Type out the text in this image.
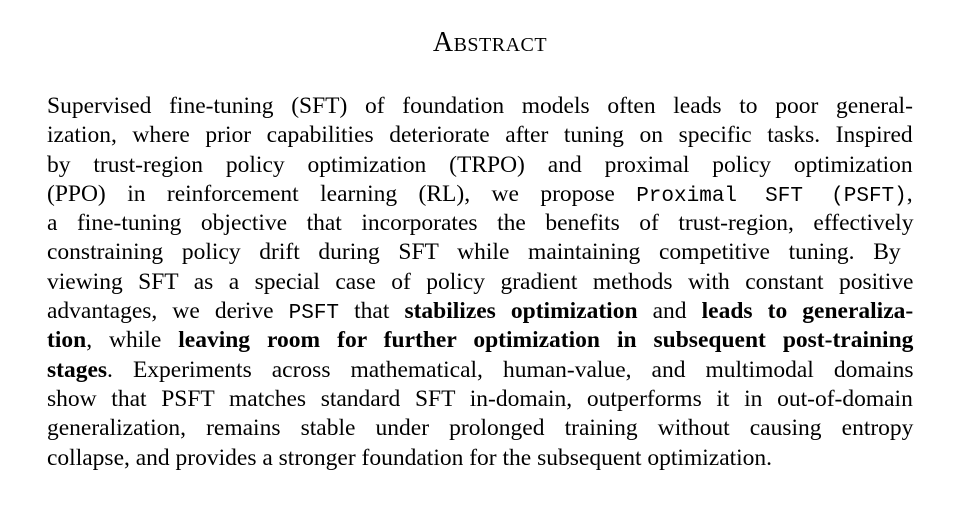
Abstract
Supervised fine-tuning (SFT) of foundation models often leads to poor general-
ization, where prior capabilities deteriorate after tuning on specific tasks. Inspired
by trust-region policy optimization (TRPO) and proximal policy optimization
(PPO) in reinforcement learning (RL), we propose Proximal SFT (PSFT),
a fine-tuning objective that incorporates the benefits of trust-region, effectively
constraining policy drift during SFT while maintaining competitive tuning. By
viewing SFT as a special case of policy gradient methods with constant positive
advantages, we derive PSFT that stabilizes optimization and leads to generaliza-
tion, while leaving room for further optimization in subsequent post-training
stages. Experiments across mathematical, human-value, and multimodal domains
show that PSFT matches standard SFT in-domain, outperforms it in out-of-domain
generalization, remains stable under prolonged training without causing entropy
collapse, and provides a stronger foundation for the subsequent optimization.
